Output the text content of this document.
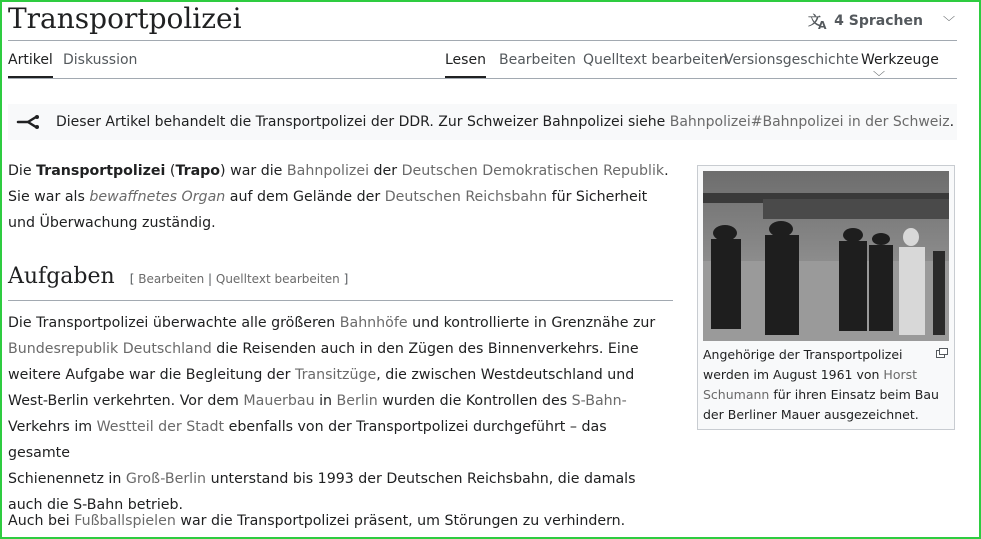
Transportpolizei	文
A 4 Sprachen ﹀
Artikel Diskussion	Lesen Bearbeiten Quelltext bearbeiten
Versionsgeschichte Werkzeuge ﹀
Dieser Artikel behandelt die Transportpolizei der DDR. Zur Schweizer Bahnpolizei siehe Bahnpolizei#Bahnpolizei in der Schweiz.
Die Transportpolizei (Trapo) war die Bahnpolizei der Deutschen Demokratischen Republik.
Sie war als bewaffnetes Organ auf dem Gelände der Deutschen Reichsbahn für Sicherheit
und Überwachung zuständig.
Aufgaben [ Bearbeiten | Quelltext bearbeiten ]
Die Transportpolizei überwachte alle größeren Bahnhöfe und kontrollierte in Grenznähe zur
Bundesrepublik Deutschland die Reisenden auch in den Zügen des Binnenverkehrs. Eine
weitere Aufgabe war die Begleitung der Transitzüge, die zwischen Westdeutschland und
West-Berlin verkehrten. Vor dem Mauerbau in Berlin wurden die Kontrollen des S-Bahn-
Verkehrs im Westteil der Stadt ebenfalls von der Transportpolizei durchgeführt – das gesamte
Schienennetz in Groß-Berlin unterstand bis 1993 der Deutschen Reichsbahn, die damals
auch die S-Bahn betrieb.
Auch bei Fußballspielen war die Transportpolizei präsent, um Störungen zu verhindern.
Angehörige der Transportpolizei
werden im August 1961 von Horst
Schumann für ihren Einsatz beim Bau
der Berliner Mauer ausgezeichnet.
